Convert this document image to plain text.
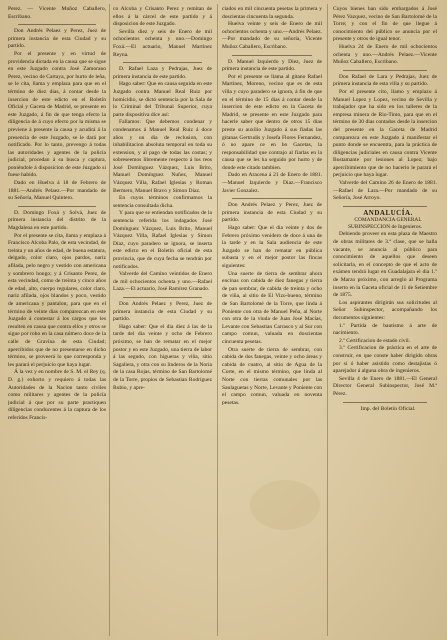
Perez. — Vicente Muñoz Caballero, Escribano.

Don Andrés Pelaez y Perez, Juez de primera instancia de esta Ciudad y su partido.

Por el presente y en virtud de providencia dictada en la causa que se sigue en este Juzgado contra José Zamorano Perez, vecino de Cartaya, por hurto de leña, se le cita, llama y emplaza para que en el término de diez dias, á contar desde la insercion de este edicto en el Boletín Oficial y Gaceta de Madrid, se presente en este Juzgado, á fin de que tenga efecto la diligencia de á cuyo efecto por la misma se previene á presente la causa y acudirá á la presencia de este Juzgado, se le dará por notificado. Por lo tanto, prevengo á todas las autoridades y agentes de la policía judicial, procedan á su busca y captura, poniéndole á disposicion de este Juzgado si fuese habido.

Dado en Huelva á 18 de Febrero de 1881.—Andrés Pelaez.—Por mandado de su Señoría, Manuel Quintero.

D. Domingo Foxá y Solvá, Juez de primera instancia del distrito de la Magdalena en este partido.

Por el presente se cita, llama y emplaza á Francisco Alcoba Palo, de esta vecindad, de treinta y un años de edad, de buena estatura, delgado, color claro, ojos pardos, nariz afilada, pelo negro y vestido con americana y sombrero hongo; y á Crisanto Perez, de esta vecindad, como de treinta y cinco años de edad, alto, cuerpo regulares, color claro, nariz afilada, ojos blandos y poco, vestido de americana y pantalon; para que en el término de veinte dias comparezcan en este Juzgado á contestar á los cargos que les resulten en causa que contra ellos y otros se sigue por robo en la casa número doce de la calle de Gravina de esta Ciudad; apercibidos que de no presentarse en dicho término, se proveerá lo que corresponda y les parará el perjuicio que haya lugar.

Á la vez y en nombre de S. M. el Rey (q. D. g.) exhorto y requiero á todas las Autoridades de la Nacion tanto civiles como militares y agentes de la policía judicial á que por su parte practiquen diligencias conducentes á la captura de los referidos Francis-

co Alcoba y Crisanto Perez y remitan de ellos á la cárcel de este partido y á disposicion de este Juzgado.

Sevilla diez y seis de Enero de mil ochocientos ochenta y uno.—Domingo Foxá.—El actuario, Manuel Martinez Reyna.

D. Rafael Laza y Pedrajas, Juez de primera instancia de este partido.

Hago saber: Que en causa seguida en este Juzgado contra Manuel Real Ruiz por homicidio, se dictó sentencia por la Sala de lo Criminal del Tribunal Superior, cuya parte dispositiva dice así:

Fallamos: Que debemos condenar y condenamos á Manuel Real Ruiz á doce años y un dia de reclusion, con inhabilitacion absoluta temporal en toda su extension, y al pago de todas las costas; y sobreseemos libremente respecto á los reos José Domínguez Vázquez, Luis Brito, Manuel Domínguez Nuñez, Manuel Vázquez Villa, Rafael Iglesias y Roman Bermero, Manuel Bravo y Simon Diaz.

En cuyos términos confirmamos la sentencia consultada dicha.

Y para que se entiendan notificados de la sentencia referida los indagados José Domínguez Vázquez, Luis Brito, Manuel Vázquez Villa, Rafael Iglesias y Simon Díaz, cuyo paradero se ignora, se inserta este edicto en el Boletín oficial de esta provincia, que de cuya fecha se tendrán por notificados.

Valverde del Camino veintidos de Enero de mil ochocientos ochenta y uno.—Rafael Laza.—El actuario, José Ramirez Granado.

Don Andrés Pelaez y Perez, Juez de primera instancia de esta Ciudad y su partido.

Hago saber: Que el dia diez á las de la tarde del dia veinte y ocho de Febrero próximo, se han de rematar en el mejor postor y en este Juzgado, una tierra de labor á las segudo, con higueras y viña, sitio Sagaliera, y otra con su linderos de la Noria de la casa Rojas, término de San Bartolomé de la Torre, propios de Sebastian Rodríguez Rubio, y apre-

ciados en mil cincuenta pesetas la primera y doscientas cincuenta la segunda.

Huelva veinte y seis de Enero de mil ochocientos ochenta y uno.—Andrés Pelaez.—Por mandado de su señoría, Vicente Muñoz Caballero, Escribano.

D. Manuel Izquierdo y Diez, Juez de primera instancia de este partido.

Por el presente se llama al gitano Rafael Martinez, Moreno, vecino que es de esta villa y cuyo paradero se ignora, á fin de que en el término de 15 dias á contar desde la insercion de este edicto en la Gaceta de Madrid, se presente en este Juzgado para hacerle saber que dentro de otros 15 dias preste su auxilio Juzgado á sus fiadas las gitanas Gertrudis y Josefa Flores Fernandez, ó no apare ce en bo Gacetas, la responsabilidad que contrajo al fiarlas en la causa que se les ha seguido por hurto y de donde este citado tambien.

Dado en Aracena á 21 de Enero de 1881.—Manuel Izquierdo y Diaz.—Francisco Javier Gonzalez.

Don Andrés Pelaez y Perez, Juez de primera instancia de esta Ciudad y su partido.

Hago saber: Que el dia veinte y dos de Febrero próximo venidero de doce á una de la tarde y en la Sala audiencia de este Juzgado se han de rematar en pública subasta y en el mejor postor las fincas siguientes:

Una suerte de tierra de sembrar ahora encinas con cabida de diez fanegas y tierra de pan sembrar, de cabida de treinta y ocho de viña, al sitio de El Vizo-bueno, término de San Bartolomé de la Torre, que linda á Poniente con otra de Manuel Peña, al Norte con otra de la viuda de Juan José Macias, Levante con Sebastian Carrasco y al Sur con campo comun, valuada en doscientas cincuenta pesetas.

Otra suerte de tierra de sembrar, con cabida de dos fanegas, veinte y ocho áreas y cabida de cuatro, al sitio de Agua de la Corte, en el mismo término, que linda al Norte con tierras comunales por las Saulaguetas y Norte, Levante y Poniente con el campo comun, valuada en noventa pesetas.

Cuyos bienes han sido embargados á José Pérez Vazquez, vecino de San Bartolomé de la Torre; y con el fin de que llegue á conocimiento del público se anuncia por el presente y otros de igual tenor.

Huelva 24 de Enero de mil ochocientos ochenta y uno.—Andrés Pelaez.—Vicente Muñoz Caballero, Escribano.

Don Rafael de Lara y Pedrajas, Juez de primera instancia de esta villa y su partido.

Por el presente cito, llamo y emplazo á Manuel Lopez y Lopez, vecino de Sevilla y trabajador que ha sido en los talleres de la empresa minera de Rio-Tinto, para que en el término de 30 dias contados desde la insercion del presente en la Gaceta de Madrid comparezca en este Juzgado á manifestar el punto donde se encuentra, para la práctica de diligencias judiciales en causa contra Vicente Bustamante por lesiones al Lopez; bajo apercibimiento que de no hacerlo le parará el perjuicio que haya lugar.

Valverde del Camino 26 de Enero de 1881.—Rafael de Lara.—Por mandado de su Señoría, José Arroyo.

ANDALUCÍA.

COMANDANCIA GENERAL SUBINSPECCION de Ingenieros.

Debiendo proveer en esta plaza de Maestro de obras militares de 3.ª clase, que se halla vacante, se anuncia al público para conocimiento de aquellos que deseen solicitarla, en el concepto de que el acto de exámen tendrá lugar en Guadalajara el dia 1.º de Marzo próximo, con arreglo al Programa inserto en la Gaceta oficial de 11 de Setiembre de 1875.

Los aspirantes dirigirán sus solicitudes al Señor Subinspector, acompañando los documentos siguientes:

1.º Partida de bautismo á arte de nacimiento.

2.º Certificacion de estado civil.

3.º Certificacion de práctica en el arte de construir, en que conste haber dirigido obras por sí ó haber asistido como destajistas ó aparejador á alguna obra de ingenieros.

Sevilla 4 de Enero de 1881.—El General Director General Subinspector, José M.ª Pérez.

Imp. del Boletín Oficial.
